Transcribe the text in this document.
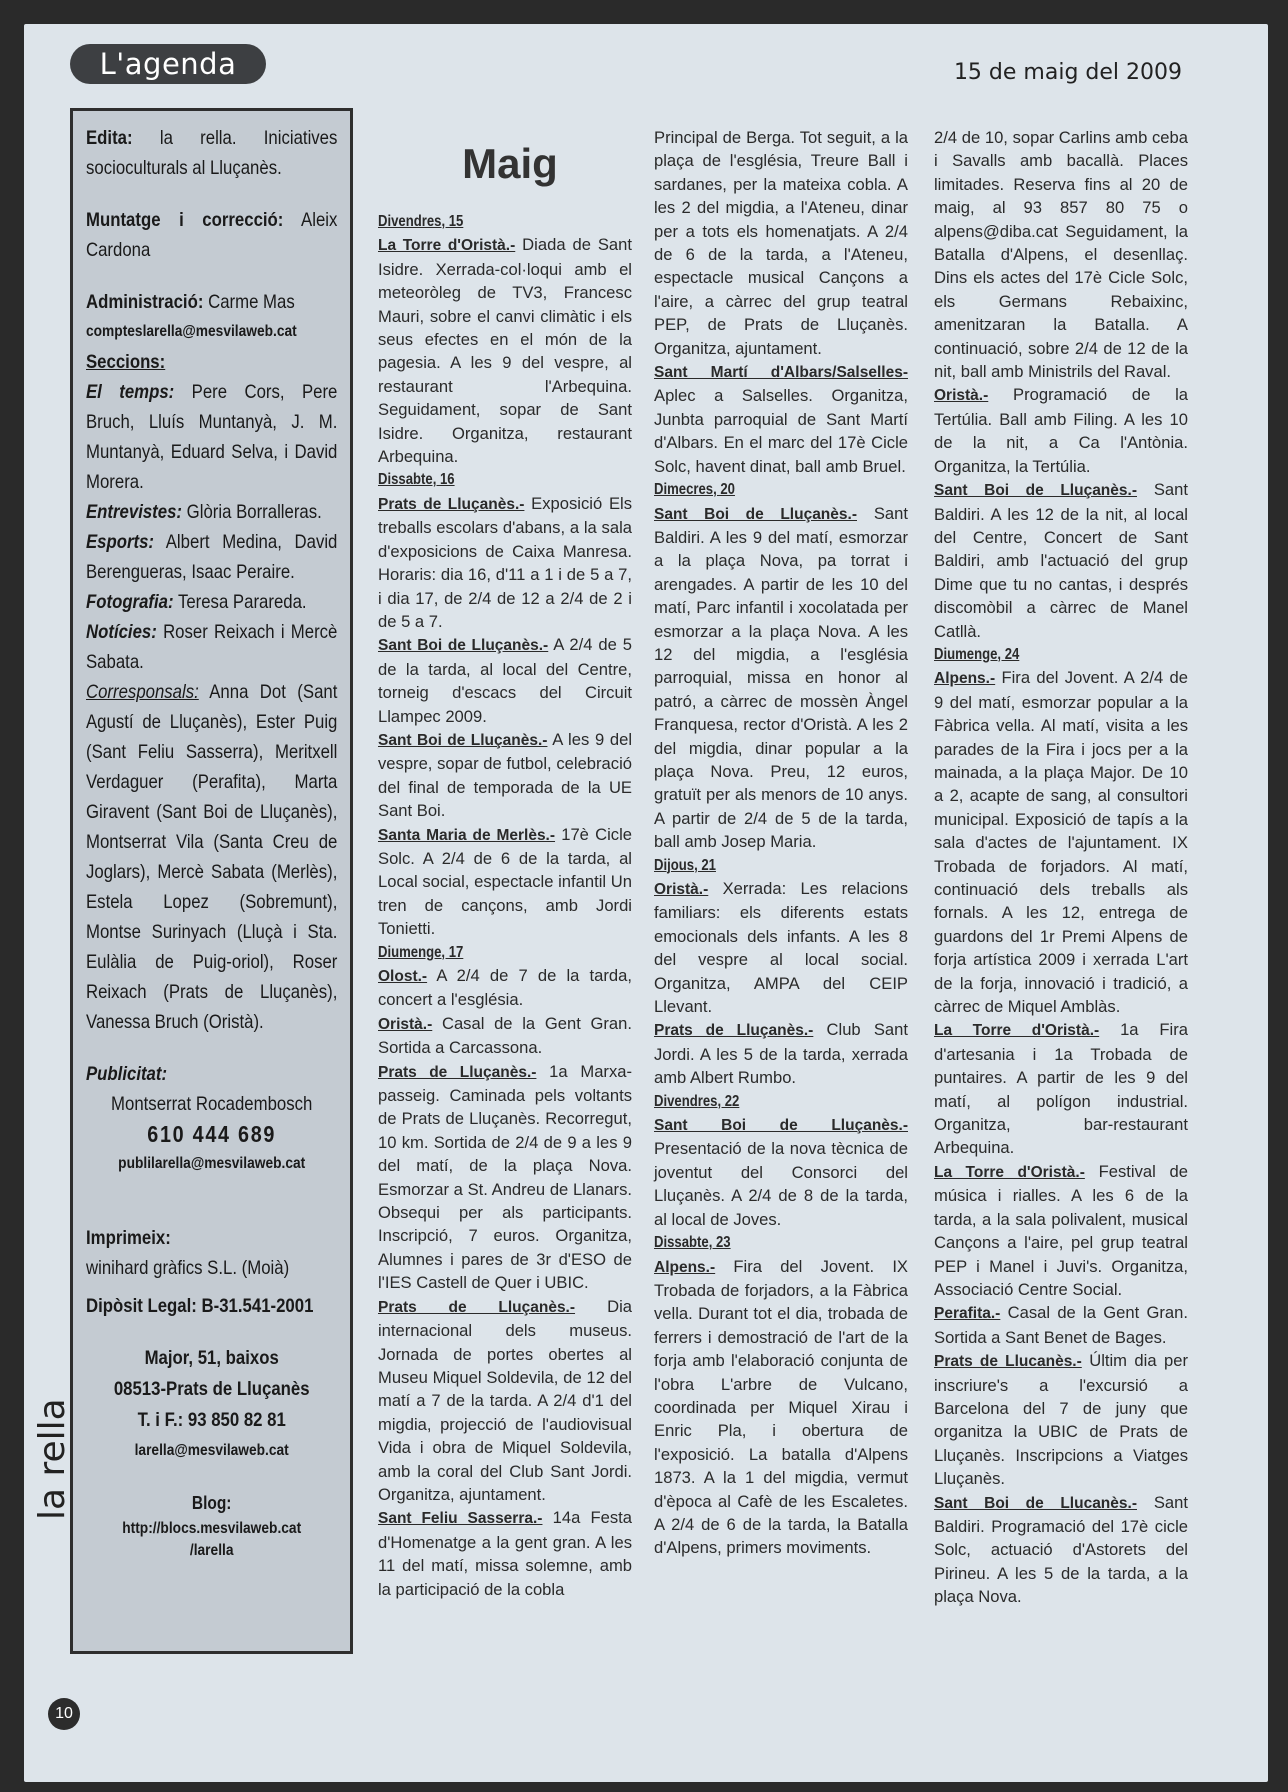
L'agenda	15 de maig del 2009
Edita: la rella. Iniciatives socioculturals al Lluçanès.
Muntatge i correcció: Aleix Cardona
Administració: Carme Mas
compteslarella@mesvilaweb.cat
Seccions:
El temps: Pere Cors, Pere Bruch, Lluís Muntanyà, J. M. Muntanyà, Eduard Selva, i David Morera.
Entrevistes: Glòria Borralleras.
Esports: Albert Medina, David Berengueras, Isaac Peraire.
Fotografia: Teresa Parareda.
Notícies: Roser Reixach i Mercè Sabata.
Corresponsals: Anna Dot (Sant Agustí de Lluçanès), Ester Puig (Sant Feliu Sasserra), Meritxell Verdaguer (Perafita), Marta Giravent (Sant Boi de Lluçanès), Montserrat Vila (Santa Creu de Joglars), Mercè Sabata (Merlès), Estela Lopez (Sobremunt), Montse Surinyach (Lluçà i Sta. Eulàlia de Puig-oriol), Roser Reixach (Prats de Lluçanès), Vanessa Bruch (Oristà).
Publicitat:
Montserrat Rocadembosch
610 444 689
publilarella@mesvilaweb.cat
Imprimeix:
winihard gràfics S.L. (Moià)
Dipòsit Legal: B-31.541-2001
Major, 51, baixos
08513-Prats de Lluçanès
T. i F.: 93 850 82 81
larella@mesvilaweb.cat
Blog:
http://blocs.mesvilaweb.cat
/larella
la rella
10
Maig
Divendres, 15

La Torre d'Oristà.- Diada de Sant Isidre. Xerrada-col·loqui amb el meteoròleg de TV3, Francesc Mauri, sobre el canvi climàtic i els seus efectes en el món de la pagesia. A les 9 del vespre, al restaurant l'Arbequina. Seguidament, sopar de Sant Isidre. Organitza, restaurant Arbequina.

Dissabte, 16

Prats de Lluçanès.- Exposició Els treballs escolars d'abans, a la sala d'exposicions de Caixa Manresa. Horaris: dia 16, d'11 a 1 i de 5 a 7, i dia 17, de 2/4 de 12 a 2/4 de 2 i de 5 a 7.

Sant Boi de Lluçanès.- A 2/4 de 5 de la tarda, al local del Centre, torneig d'escacs del Circuit Llampec 2009.

Sant Boi de Lluçanès.- A les 9 del vespre, sopar de futbol, celebració del final de temporada de la UE Sant Boi.

Santa Maria de Merlès.- 17è Cicle Solc. A 2/4 de 6 de la tarda, al Local social, espectacle infantil Un tren de cançons, amb Jordi Tonietti.

Diumenge, 17

Olost.- A 2/4 de 7 de la tarda, concert a l'església.

Oristà.- Casal de la Gent Gran. Sortida a Carcassona.

Prats de Lluçanès.- 1a Marxa-passeig. Caminada pels voltants de Prats de Lluçanès. Recorregut, 10 km. Sortida de 2/4 de 9 a les 9 del matí, de la plaça Nova. Esmorzar a St. Andreu de Llanars. Obsequi per als participants. Inscripció, 7 euros. Organitza, Alumnes i pares de 3r d'ESO de l'IES Castell de Quer i UBIC.

Prats de Lluçanès.- Dia internacional dels museus. Jornada de portes obertes al Museu Miquel Soldevila, de 12 del matí a 7 de la tarda. A 2/4 d'1 del migdia, projecció de l'audiovisual Vida i obra de Miquel Soldevila, amb la coral del Club Sant Jordi. Organitza, ajuntament.

Sant Feliu Sasserra.- 14a Festa d'Homenatge a la gent gran. A les 11 del matí, missa solemne, amb la participació de la cobla

Principal de Berga. Tot seguit, a la plaça de l'església, Treure Ball i sardanes, per la mateixa cobla. A les 2 del migdia, a l'Ateneu, dinar per a tots els homenatjats. A 2/4 de 6 de la tarda, a l'Ateneu, espectacle musical Cançons a l'aire, a càrrec del grup teatral PEP, de Prats de Lluçanès. Organitza, ajuntament.

Sant Martí d'Albars/Salselles- Aplec a Salselles. Organitza, Junbta parroquial de Sant Martí d'Albars. En el marc del 17è Cicle Solc, havent dinat, ball amb Bruel.

Dimecres, 20

Sant Boi de Lluçanès.- Sant Baldiri. A les 9 del matí, esmorzar a la plaça Nova, pa torrat i arengades. A partir de les 10 del matí, Parc infantil i xocolatada per esmorzar a la plaça Nova. A les 12 del migdia, a l'església parroquial, missa en honor al patró, a càrrec de mossèn Àngel Franquesa, rector d'Oristà. A les 2 del migdia, dinar popular a la plaça Nova. Preu, 12 euros, gratuït per als menors de 10 anys. A partir de 2/4 de 5 de la tarda, ball amb Josep Maria.

Dijous, 21

Oristà.- Xerrada: Les relacions familiars: els diferents estats emocionals dels infants. A les 8 del vespre al local social. Organitza, AMPA del CEIP Llevant.

Prats de Lluçanès.- Club Sant Jordi. A les 5 de la tarda, xerrada amb Albert Rumbo.

Divendres, 22

Sant Boi de Lluçanès.- Presentació de la nova tècnica de joventut del Consorci del Lluçanès. A 2/4 de 8 de la tarda, al local de Joves.

Dissabte, 23

Alpens.- Fira del Jovent. IX Trobada de forjadors, a la Fàbrica vella. Durant tot el dia, trobada de ferrers i demostració de l'art de la forja amb l'elaboració conjunta de l'obra L'arbre de Vulcano, coordinada per Miquel Xirau i Enric Pla, i obertura de l'exposició. La batalla d'Alpens 1873. A la 1 del migdia, vermut d'època al Cafè de les Escaletes. A 2/4 de 6 de la tarda, la Batalla d'Alpens, primers moviments.

2/4 de 10, sopar Carlins amb ceba i Savalls amb bacallà. Places limitades. Reserva fins al 20 de maig, al 93 857 80 75 o alpens@diba.cat Seguidament, la Batalla d'Alpens, el desenllaç. Dins els actes del 17è Cicle Solc, els Germans Rebaixinc, amenitzaran la Batalla. A continuació, sobre 2/4 de 12 de la nit, ball amb Ministrils del Raval.

Oristà.- Programació de la Tertúlia. Ball amb Filing. A les 10 de la nit, a Ca l'Antònia. Organitza, la Tertúlia.

Sant Boi de Lluçanès.- Sant Baldiri. A les 12 de la nit, al local del Centre, Concert de Sant Baldiri, amb l'actuació del grup Dime que tu no cantas, i després discomòbil a càrrec de Manel Catllà.

Diumenge, 24

Alpens.- Fira del Jovent. A 2/4 de 9 del matí, esmorzar popular a la Fàbrica vella. Al matí, visita a les parades de la Fira i jocs per a la mainada, a la plaça Major. De 10 a 2, acapte de sang, al consultori municipal. Exposició de tapís a la sala d'actes de l'ajuntament. IX Trobada de forjadors. Al matí, continuació dels treballs als fornals. A les 12, entrega de guardons del 1r Premi Alpens de forja artística 2009 i xerrada L'art de la forja, innovació i tradició, a càrrec de Miquel Amblàs.

La Torre d'Oristà.- 1a Fira d'artesania i 1a Trobada de puntaires. A partir de les 9 del matí, al polígon industrial. Organitza, bar-restaurant Arbequina.

La Torre d'Oristà.- Festival de música i rialles. A les 6 de la tarda, a la sala polivalent, musical Cançons a l'aire, pel grup teatral PEP i Manel i Juvi's. Organitza, Associació Centre Social.

Perafita.- Casal de la Gent Gran. Sortida a Sant Benet de Bages.

Prats de Llucanès.- Últim dia per inscriure's a l'excursió a Barcelona del 7 de juny que organitza la UBIC de Prats de Lluçanès. Inscripcions a Viatges Lluçanès.

Sant Boi de Llucanès.- Sant Baldiri. Programació del 17è cicle Solc, actuació d'Astorets del Pirineu. A les 5 de la tarda, a la plaça Nova.
